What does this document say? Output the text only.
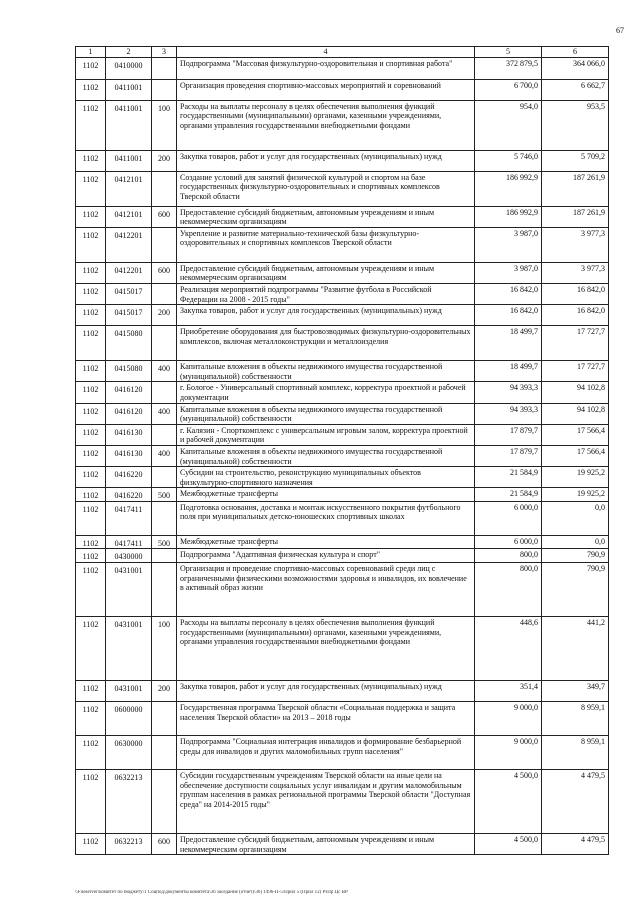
67
1	2	3	4	5	6
1102	0410000		Подпрограмма "Массовая физкультурно-оздоровительная и спортивная работа"	372 879,5	364 066,0
1102	0411001		Организация проведения спортивно-массовых мероприятий и соревнований	6 700,0	6 662,7
1102	0411001	100	Расходы на выплаты персоналу в целях обеспечения выполнения функций государственными (муниципальными) органами, казенными учреждениями, органами управления государственными внебюджетными фондами	954,0	953,5
1102	0411001	200	Закупка товаров, работ и услуг для государственных (муниципальных) нужд	5 746,0	5 709,2
1102	0412101		Создание условий для занятий физической культурой и спортом на базе государственных физкультурно-оздоровительных и спортивных комплексов Тверской области	186 992,9	187 261,9
1102	0412101	600	Предоставление субсидий бюджетным, автономным учреждениям и иным некоммерческим организациям	186 992,9	187 261,9
1102	0412201		Укрепление и развитие материально-технической базы физкультурно-оздоровительных и спортивных комплексов Тверской области	3 987,0	3 977,3
1102	0412201	600	Предоставление субсидий бюджетным, автономным учреждениям и иным некоммерческим организациям	3 987,0	3 977,3
1102	0415017		Реализация мероприятий подпрограммы "Развитие футбола в Российской Федерации на 2008 - 2015 годы"	16 842,0	16 842,0
1102	0415017	200	Закупка товаров, работ и услуг для государственных (муниципальных) нужд	16 842,0	16 842,0
1102	0415080		Приобретение оборудования для быстровозводимых физкультурно-оздоровительных комплексов, включая металлоконструкции и металлоизделия	18 499,7	17 727,7
1102	0415080	400	Капитальные вложения в объекты недвижимого имущества государственной (муниципальной) собственности	18 499,7	17 727,7
1102	0416120		г. Бологое - Универсальный спортивный комплекс, корректура проектной и рабочей документации	94 393,3	94 102,8
1102	0416120	400	Капитальные вложения в объекты недвижимого имущества государственной (муниципальной) собственности	94 393,3	94 102,8
1102	0416130		г. Калязин - Спорткомплекс с универсальным игровым залом, корректура проектной и рабочей документации	17 879,7	17 566,4
1102	0416130	400	Капитальные вложения в объекты недвижимого имущества государственной (муниципальной) собственности	17 879,7	17 566,4
1102	0416220		Субсидии на строительство, реконструкцию муниципальных объектов физкультурно-спортивного назначения	21 584,9	19 925,2
1102	0416220	500	Межбюджетные трансферты	21 584,9	19 925,2
1102	0417411		Подготовка основания, доставка и монтаж искусственного покрытия футбольного поля при муниципальных детско-юношеских спортивных школах	6 000,0	0,0
1102	0417411	500	Межбюджетные трансферты	6 000,0	0,0
1102	0430000		Подпрограмма "Адаптивная физическая культура и спорт"	800,0	790,9
1102	0431001		Организация и проведение спортивно-массовых соревнований среди лиц с ограниченными физическими возможностями здоровья и инвалидов, их вовлечение в активный образ жизни	800,0	790,9
1102	0431001	100	Расходы на выплаты персоналу в целях обеспечения выполнения функций государственными (муниципальными) органами, казенными учреждениями, органами управления государственными внебюджетными фондами	448,6	441,2
1102	0431001	200	Закупка товаров, работ и услуг для государственных (муниципальных) нужд	351,4	349,7
1102	0600000		Государственная программа Тверской области «Социальная поддержка и защита населения Тверской области» на 2013 – 2018 годы	9 000,0	8 959,1
1102	0630000		Подпрограмма "Социальная интеграция инвалидов и формирование безбарьерной среды для инвалидов и других маломобильных групп населения"	9 000,0	8 959,1
1102	0632213		Субсидии государственным учреждениям Тверской области на иные цели на обеспечение доступности социальных услуг инвалидам и другим маломобильным группам населения в рамках региональной программы Тверской области "Доступная среда" на 2014-2015 годы"	4 500,0	4 479,5
1102	0632213	600	Предоставление субсидий бюджетным, автономным учреждениям и иным некоммерческим организациям	4 500,0	4 479,5
\\Fileserver\комитет по бюджету\1 Соцпод\документы комитета\36 заседание (отчет)\36) 1496-П-5\Прил 5 (Прил 12) РзПр Цс ВР
